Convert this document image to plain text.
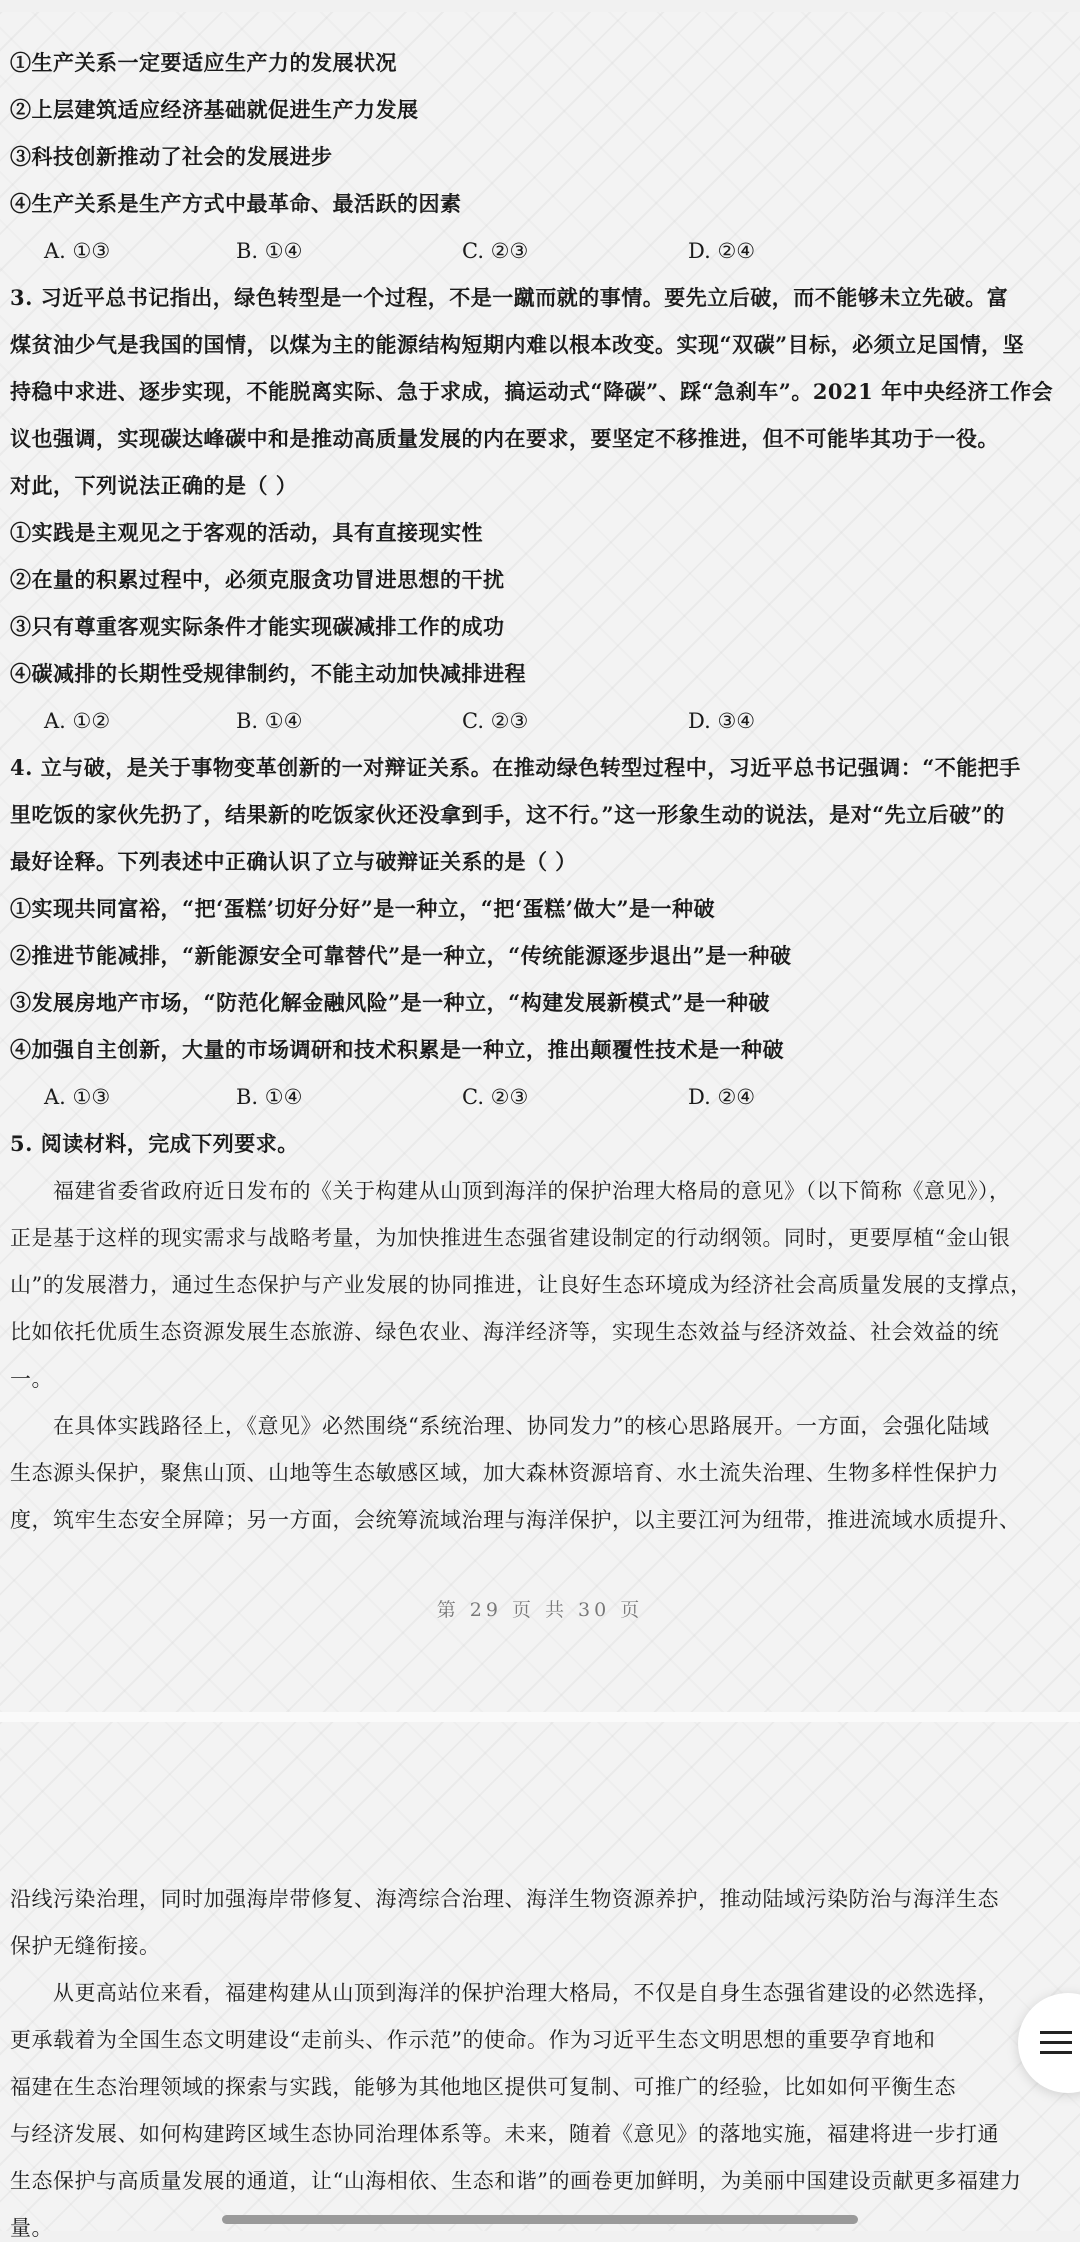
①生产关系一定要适应生产力的发展状况
②上层建筑适应经济基础就促进生产力发展
③科技创新推动了社会的发展进步
④生产关系是生产方式中最革命、最活跃的因素
A. ①③	B. ①④	C. ②③	D. ②④
3. 习近平总书记指出，绿色转型是一个过程，不是一蹴而就的事情。要先立后破，而不能够未立先破。富
煤贫油少气是我国的国情，以煤为主的能源结构短期内难以根本改变。实现“双碳”目标，必须立足国情，坚
持稳中求进、逐步实现，不能脱离实际、急于求成，搞运动式“降碳”、踩“急刹车”。2021 年中央经济工作会
议也强调，实现碳达峰碳中和是推动高质量发展的内在要求，要坚定不移推进，但不可能毕其功于一役。
对此，下列说法正确的是（ ）
①实践是主观见之于客观的活动，具有直接现实性
②在量的积累过程中，必须克服贪功冒进思想的干扰
③只有尊重客观实际条件才能实现碳减排工作的成功
④碳减排的长期性受规律制约，不能主动加快减排进程
A. ①②	B. ①④	C. ②③	D. ③④
4. 立与破，是关于事物变革创新的一对辩证关系。在推动绿色转型过程中，习近平总书记强调：“不能把手
里吃饭的家伙先扔了，结果新的吃饭家伙还没拿到手，这不行。”这一形象生动的说法，是对“先立后破”的
最好诠释。下列表述中正确认识了立与破辩证关系的是（ ）
①实现共同富裕，“把‘蛋糕’切好分好”是一种立，“把‘蛋糕’做大”是一种破
②推进节能减排，“新能源安全可靠替代”是一种立，“传统能源逐步退出”是一种破
③发展房地产市场，“防范化解金融风险”是一种立，“构建发展新模式”是一种破
④加强自主创新，大量的市场调研和技术积累是一种立，推出颠覆性技术是一种破
A. ①③	B. ①④	C. ②③	D. ②④
5. 阅读材料，完成下列要求。
　　福建省委省政府近日发布的《关于构建从山顶到海洋的保护治理大格局的意见》（以下简称《意见》），
正是基于这样的现实需求与战略考量，为加快推进生态强省建设制定的行动纲领。同时，更要厚植“金山银
山”的发展潜力，通过生态保护与产业发展的协同推进，让良好生态环境成为经济社会高质量发展的支撑点，
比如依托优质生态资源发展生态旅游、绿色农业、海洋经济等，实现生态效益与经济效益、社会效益的统
一。
　　在具体实践路径上，《意见》必然围绕“系统治理、协同发力”的核心思路展开。一方面，会强化陆域
生态源头保护，聚焦山顶、山地等生态敏感区域，加大森林资源培育、水土流失治理、生物多样性保护力
度，筑牢生态安全屏障；另一方面，会统筹流域治理与海洋保护，以主要江河为纽带，推进流域水质提升、
第 29 页 共 30 页
沿线污染治理，同时加强海岸带修复、海湾综合治理、海洋生物资源养护，推动陆域污染防治与海洋生态
保护无缝衔接。
　　从更高站位来看，福建构建从山顶到海洋的保护治理大格局，不仅是自身生态强省建设的必然选择，
更承载着为全国生态文明建设“走前头、作示范”的使命。作为习近平生态文明思想的重要孕育地和
福建在生态治理领域的探索与实践，能够为其他地区提供可复制、可推广的经验，比如如何平衡生态
与经济发展、如何构建跨区域生态协同治理体系等。未来，随着《意见》的落地实施，福建将进一步打通
生态保护与高质量发展的通道，让“山海相依、生态和谐”的画卷更加鲜明，为美丽中国建设贡献更多福建力
量。
